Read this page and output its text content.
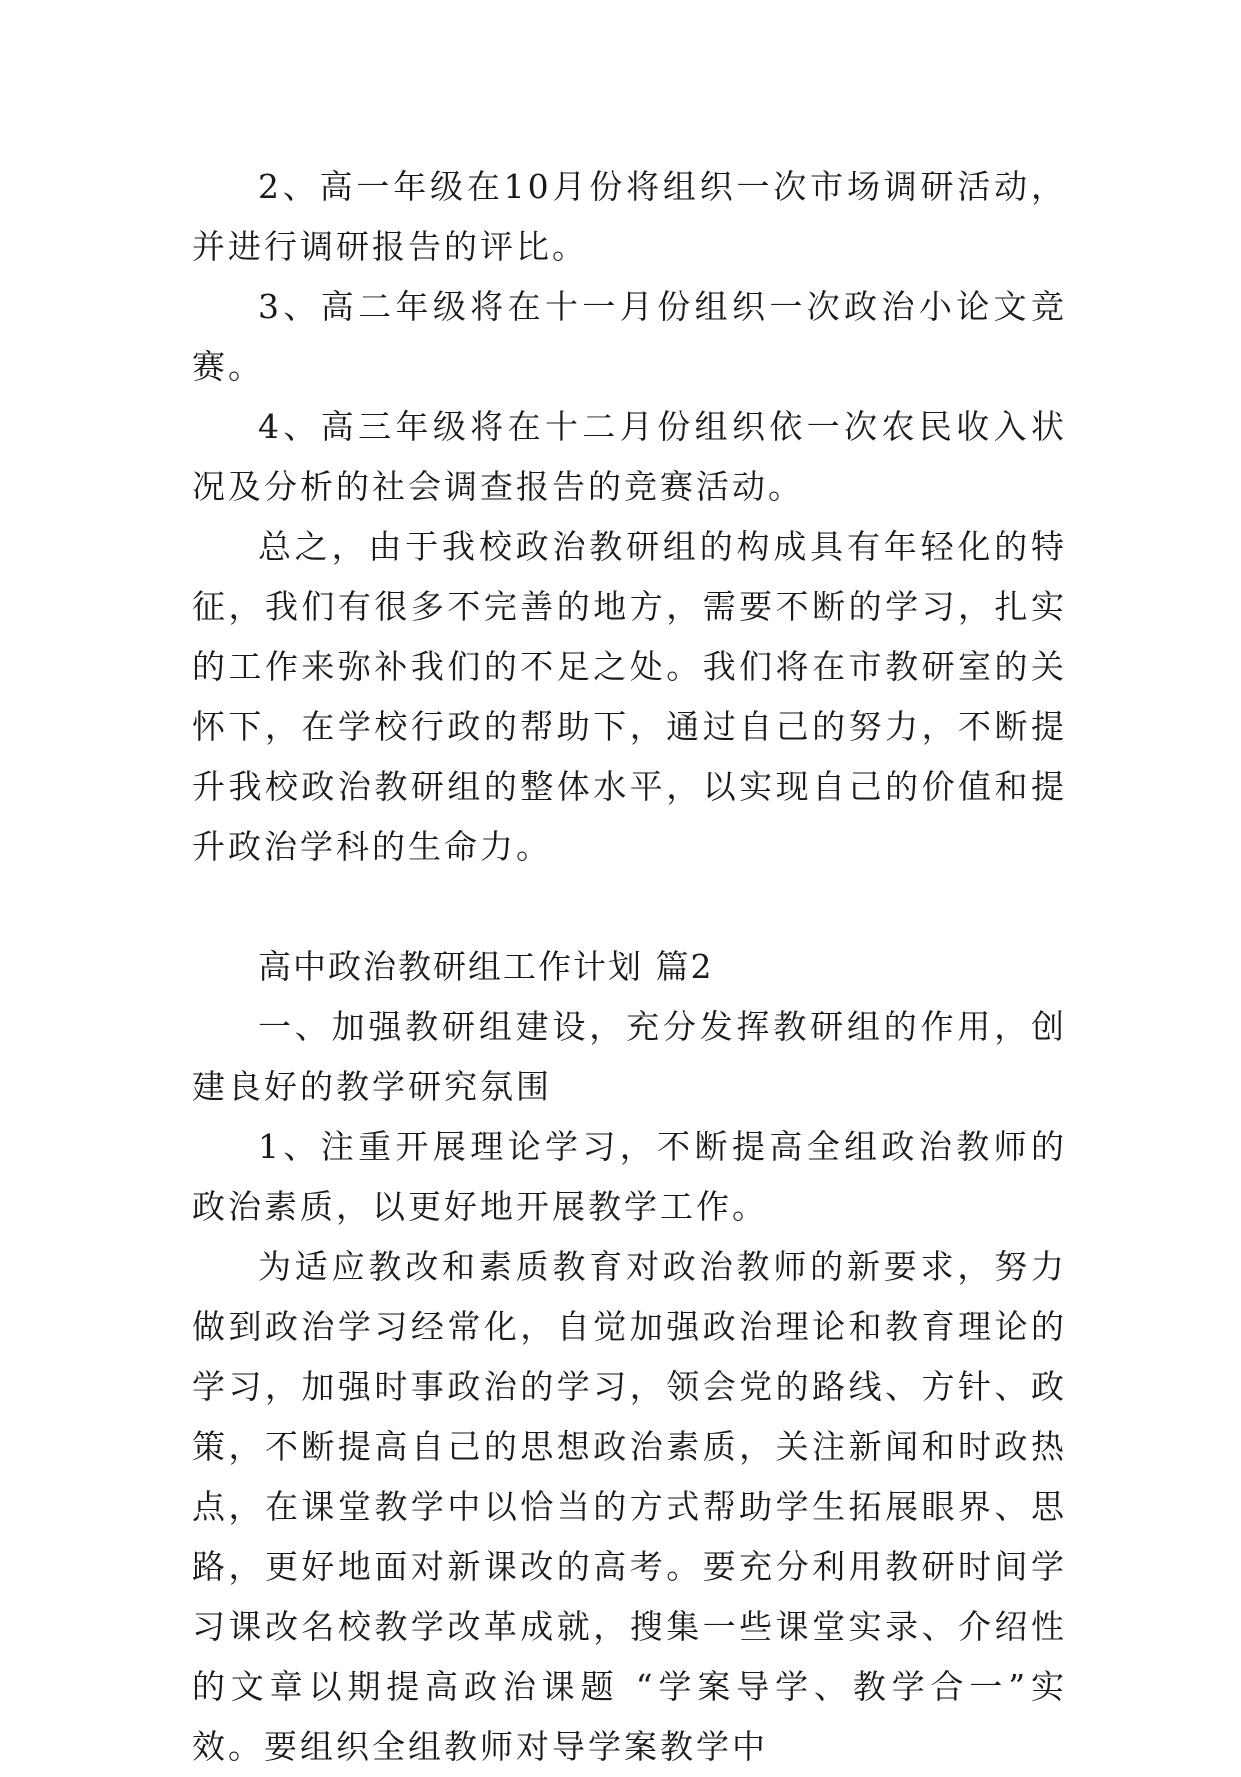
2、高一年级在10月份将组织一次市场调研活动，并进行调研报告的评比。

3、高二年级将在十一月份组织一次政治小论文竞赛。

4、高三年级将在十二月份组织依一次农民收入状况及分析的社会调查报告的竞赛活动。

总之，由于我校政治教研组的构成具有年轻化的特征，我们有很多不完善的地方，需要不断的学习，扎实的工作来弥补我们的不足之处。我们将在市教研室的关怀下，在学校行政的帮助下，通过自己的努力，不断提升我校政治教研组的整体水平，以实现自己的价值和提升政治学科的生命力。

高中政治教研组工作计划 篇2

一、加强教研组建设，充分发挥教研组的作用，创建良好的教学研究氛围

1、注重开展理论学习，不断提高全组政治教师的政治素质，以更好地开展教学工作。

为适应教改和素质教育对政治教师的新要求，努力做到政治学习经常化，自觉加强政治理论和教育理论的学习，加强时事政治的学习，领会党的路线、方针、政策，不断提高自己的思想政治素质，关注新闻和时政热点，在课堂教学中以恰当的方式帮助学生拓展眼界、思路，更好地面对新课改的高考。要充分利用教研时间学习课改名校教学改革成就，搜集一些课堂实录、介绍性的文章以期提高政治课题 “学案导学、教学合一”实效。要组织全组教师对导学案教学中
